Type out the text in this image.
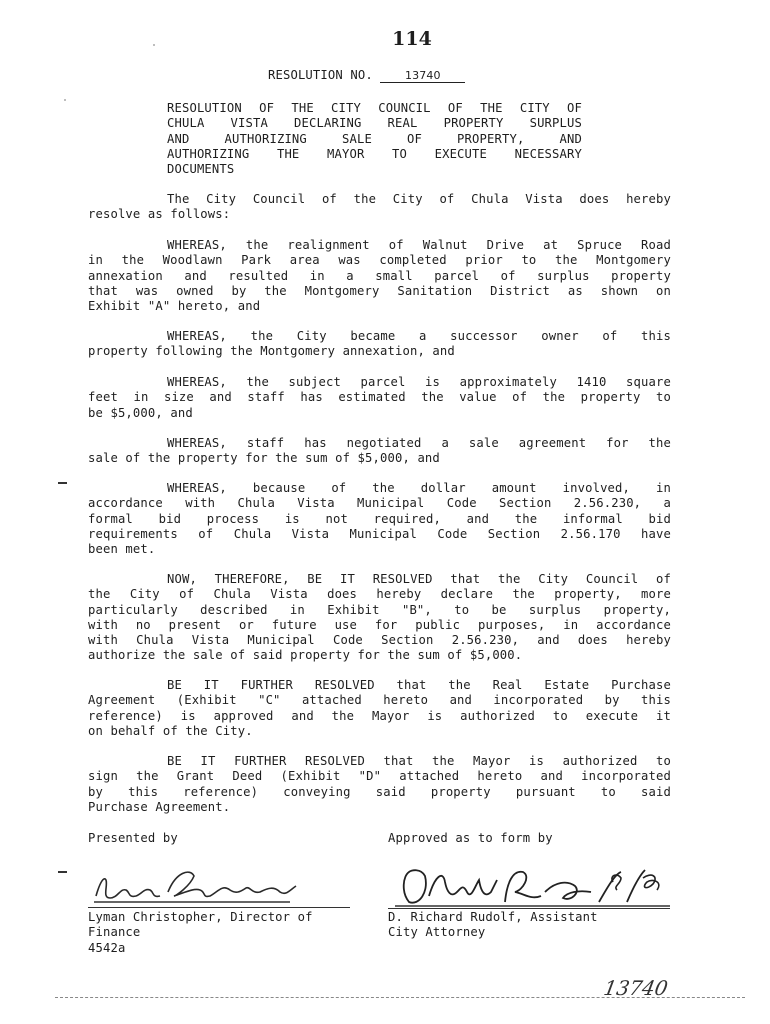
114
RESOLUTION NO.	13740
RESOLUTION OF THE CITY COUNCIL OF THE CITY OF
CHULA VISTA DECLARING REAL PROPERTY SURPLUS
AND AUTHORIZING SALE OF PROPERTY, AND
AUTHORIZING THE MAYOR TO EXECUTE NECESSARY
DOCUMENTS
The City Council of the City of Chula Vista does hereby
resolve as follows:
WHEREAS, the realignment of Walnut Drive at Spruce Road
in the Woodlawn Park area was completed prior to the Montgomery
annexation and resulted in a small parcel of surplus property
that was owned by the Montgomery Sanitation District as shown on
Exhibit "A" hereto, and
WHEREAS, the City became a successor owner of this
property following the Montgomery annexation, and
WHEREAS, the subject parcel is approximately 1410 square
feet in size and staff has estimated the value of the property to
be $5,000, and
WHEREAS, staff has negotiated a sale agreement for the
sale of the property for the sum of $5,000, and
WHEREAS, because of the dollar amount involved, in
accordance with Chula Vista Municipal Code Section 2.56.230, a
formal bid process is not required, and the informal bid
requirements of Chula Vista Municipal Code Section 2.56.170 have
been met.
NOW, THEREFORE, BE IT RESOLVED that the City Council of
the City of Chula Vista does hereby declare the property, more
particularly described in Exhibit "B", to be surplus property,
with no present or future use for public purposes, in accordance
with Chula Vista Municipal Code Section 2.56.230, and does hereby
authorize the sale of said property for the sum of $5,000.
BE IT FURTHER RESOLVED that the Real Estate Purchase
Agreement (Exhibit "C" attached hereto and incorporated by this
reference) is approved and the Mayor is authorized to execute it
on behalf of the City.
BE IT FURTHER RESOLVED that the Mayor is authorized to
sign the Grant Deed (Exhibit "D" attached hereto and incorporated
by this reference) conveying said property pursuant to said
Purchase Agreement.
Presented by	Approved as to form by
Lyman Christopher, Director of
Finance
4542a
D. Richard Rudolf, Assistant
City Attorney
13740
